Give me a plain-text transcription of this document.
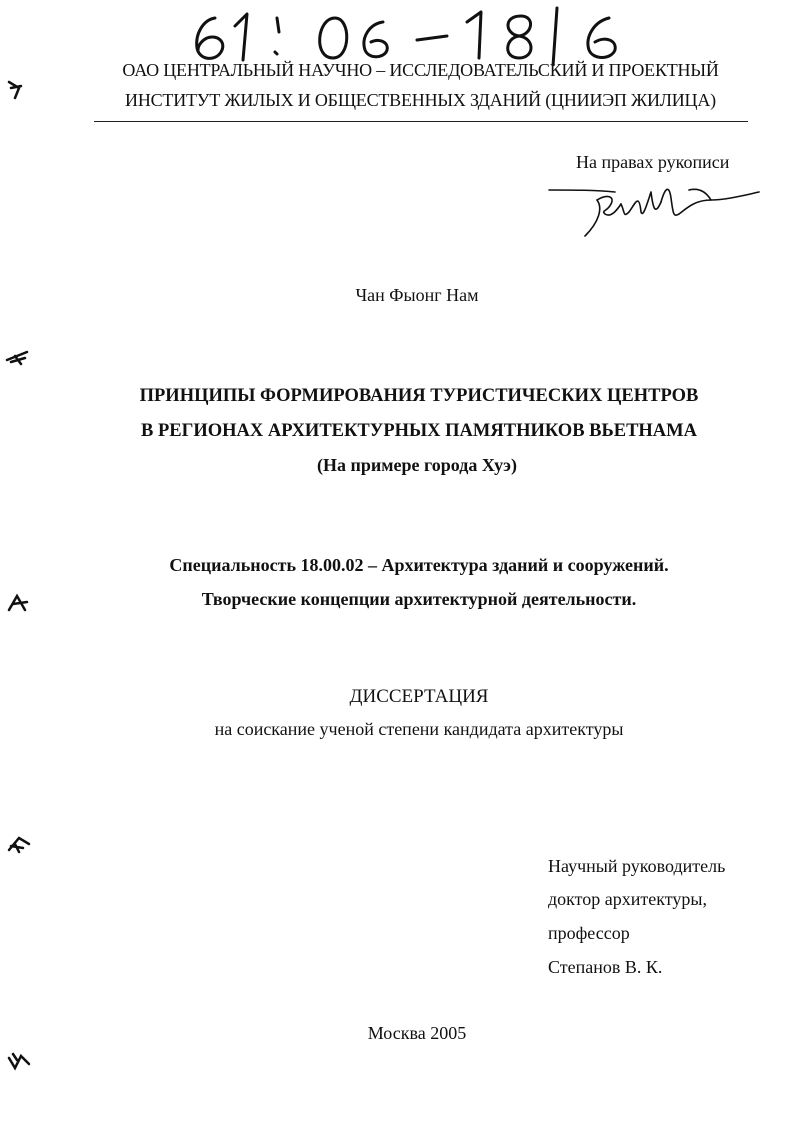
ОАО ЦЕНТРАЛЬНЫЙ НАУЧНО – ИССЛЕДОВАТЕЛЬСКИЙ И ПРОЕКТНЫЙ
ИНСТИТУТ ЖИЛЫХ И ОБЩЕСТВЕННЫХ ЗДАНИЙ (ЦНИИЭП ЖИЛИЦА)
На правах рукописи
Чан Фыонг Нам
ПРИНЦИПЫ ФОРМИРОВАНИЯ ТУРИСТИЧЕСКИХ ЦЕНТРОВ
В РЕГИОНАХ АРХИТЕКТУРНЫХ ПАМЯТНИКОВ ВЬЕТНАМА
(На примере города Хуэ)
Специальность 18.00.02 – Архитектура зданий и сооружений.
Творческие концепции архитектурной деятельности.
ДИССЕРТАЦИЯ
на соискание ученой степени кандидата архитектуры
Научный руководитель
доктор архитектуры,
профессор
Степанов В. К.
Москва 2005
